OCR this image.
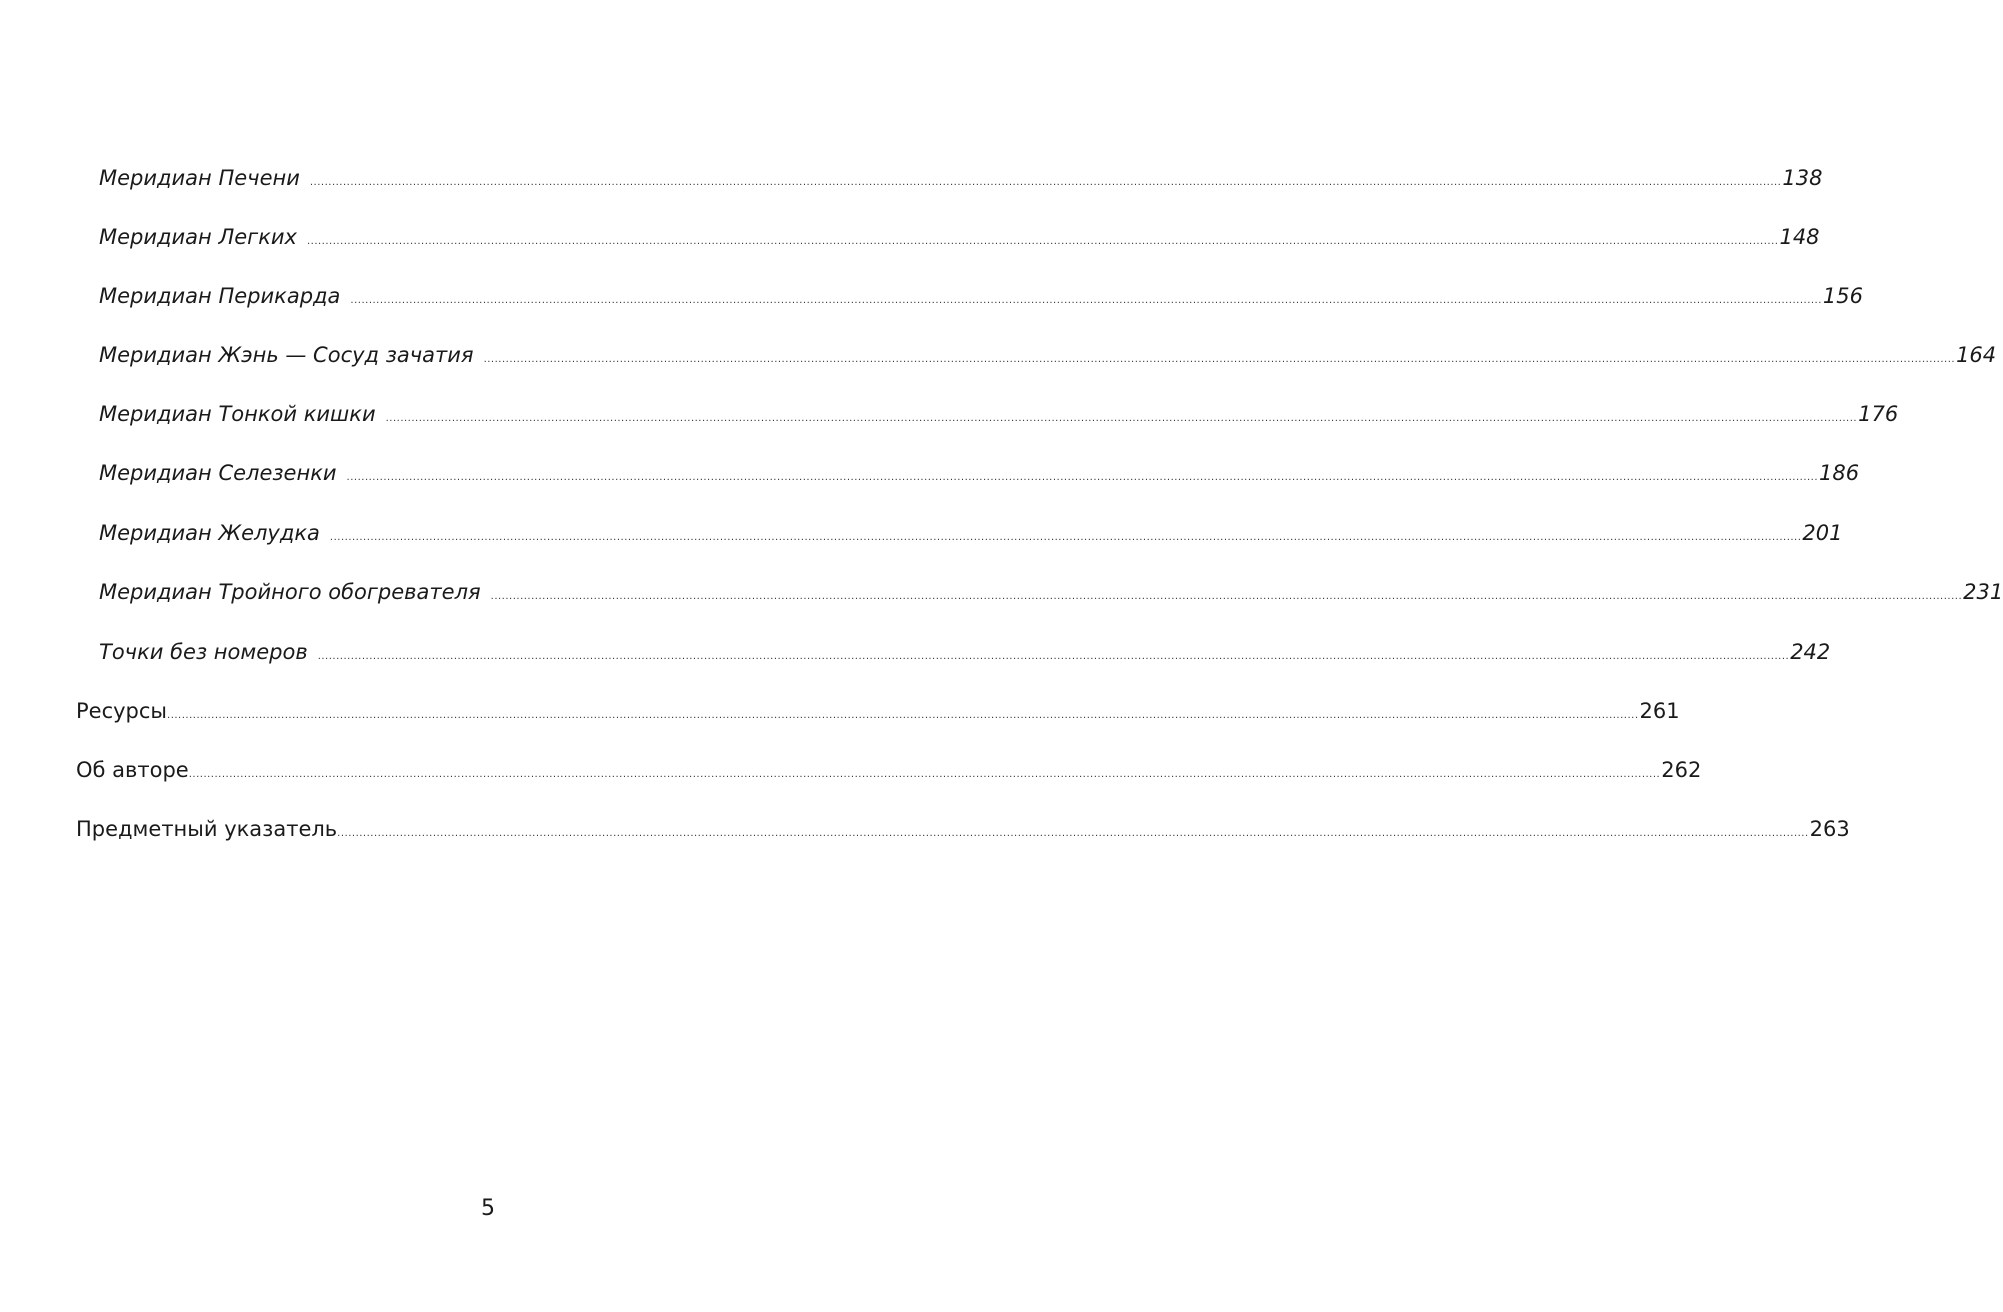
Меридиан Печени	................................................................................................................................................................................................................................................................................................................................................................................................................ 138
Меридиан Легких	................................................................................................................................................................................................................................................................................................................................................................................................................ 148
Меридиан Перикарда	................................................................................................................................................................................................................................................................................................................................................................................................................ 156
Меридиан Жэнь — Сосуд зачатия	................................................................................................................................................................................................................................................................................................................................................................................................................ 164
Меридиан Тонкой кишки	................................................................................................................................................................................................................................................................................................................................................................................................................ 176
Меридиан Селезенки	................................................................................................................................................................................................................................................................................................................................................................................................................ 186
Меридиан Желудка	................................................................................................................................................................................................................................................................................................................................................................................................................ 201
Меридиан Тройного обогревателя	................................................................................................................................................................................................................................................................................................................................................................................................................ 231
Точки без номеров	................................................................................................................................................................................................................................................................................................................................................................................................................ 242
Ресурсы ................................................................................................................................................................................................................................................................................................................................................................................................................ 261
Об авторе ................................................................................................................................................................................................................................................................................................................................................................................................................ 262
Предметный указатель ................................................................................................................................................................................................................................................................................................................................................................................................................ 263
5
